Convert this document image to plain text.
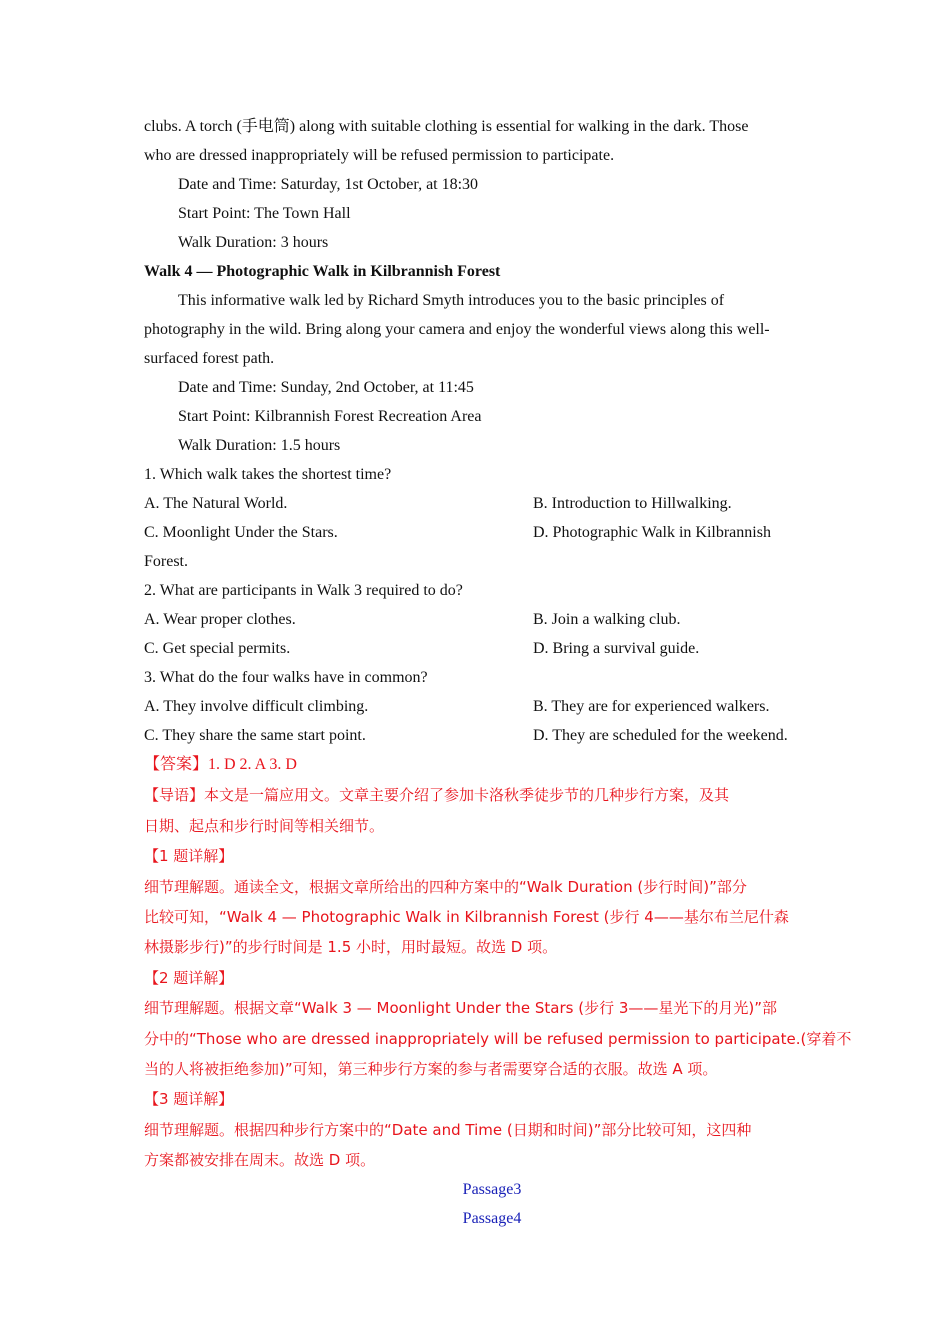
clubs. A torch (手电筒) along with suitable clothing is essential for walking in the dark. Those
who are dressed inappropriately will be refused permission to participate.
Date and Time: Saturday, 1st October, at 18:30
Start Point: The Town Hall
Walk Duration: 3 hours
Walk 4 — Photographic Walk in Kilbrannish Forest
This informative walk led by Richard Smyth introduces you to the basic principles of
photography in the wild. Bring along your camera and enjoy the wonderful views along this well-
surfaced forest path.
Date and Time: Sunday, 2nd October, at 11:45
Start Point: Kilbrannish Forest Recreation Area
Walk Duration: 1.5 hours
1. Which walk takes the shortest time?
A. The Natural World.	B. Introduction to Hillwalking.
C. Moonlight Under the Stars.	D. Photographic Walk in Kilbrannish
Forest.
2. What are participants in Walk 3 required to do?
A. Wear proper clothes.	B. Join a walking club.
C. Get special permits.	D. Bring a survival guide.
3. What do the four walks have in common?
A. They involve difficult climbing.	B. They are for experienced walkers.
C. They share the same start point.	D. They are scheduled for the weekend.
【答案】1. D 2. A 3. D
【导语】本文是一篇应用文。文章主要介绍了参加卡洛秋季徒步节的几种步行方案，及其
日期、起点和步行时间等相关细节。
【1 题详解】
细节理解题。通读全文，根据文章所给出的四种方案中的“Walk Duration (步行时间)”部分
比较可知，“Walk 4 — Photographic Walk in Kilbrannish Forest (步行 4——基尔布兰尼什森
林摄影步行)”的步行时间是 1.5 小时，用时最短。故选 D 项。
【2 题详解】
细节理解题。根据文章“Walk 3 — Moonlight Under the Stars (步行 3——星光下的月光)”部
分中的“Those who are dressed inappropriately will be refused permission to participate.(穿着不
当的人将被拒绝参加)”可知，第三种步行方案的参与者需要穿合适的衣服。故选 A 项。
【3 题详解】
细节理解题。根据四种步行方案中的“Date and Time (日期和时间)”部分比较可知，这四种
方案都被安排在周末。故选 D 项。
Passage3
Passage4
